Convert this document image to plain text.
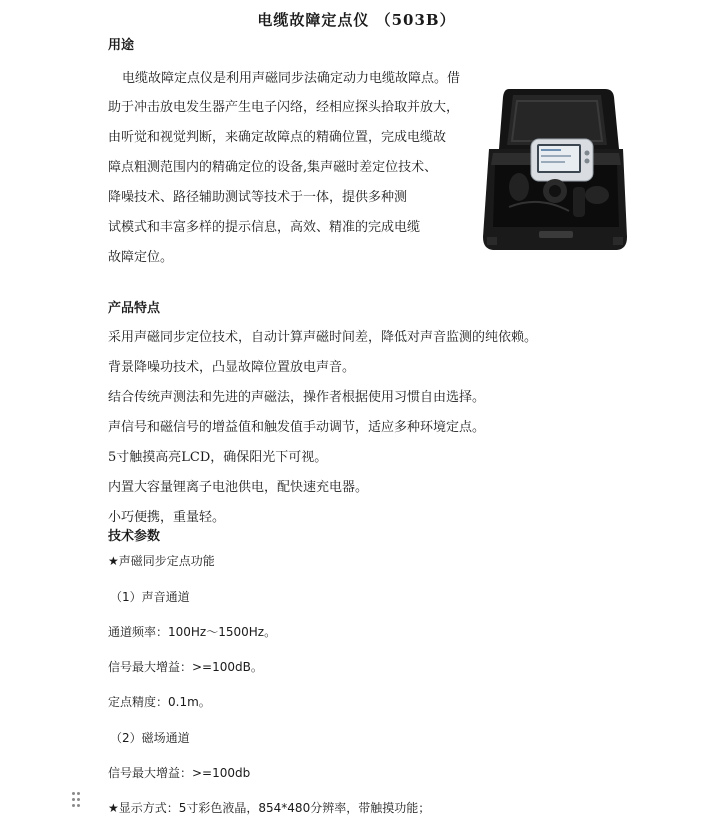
电缆故障定点仪 （503B）
用途
电缆故障定点仪是利用声磁同步法确定动力电缆故障点。借
助于冲击放电发生器产生电子闪络，经相应探头拾取并放大，
由听觉和视觉判断，来确定故障点的精确位置，完成电缆故
障点粗测范围内的精确定位的设备,集声磁时差定位技术、
降噪技术、路径辅助测试等技术于一体，提供多种测
试模式和丰富多样的提示信息，高效、精准的完成电缆
故障定位。
产品特点
采用声磁同步定位技术，自动计算声磁时间差，降低对声音监测的纯依赖。
背景降噪功技术，凸显故障位置放电声音。
结合传统声测法和先进的声磁法，操作者根据使用习惯自由选择。
声信号和磁信号的增益值和触发值手动调节，适应多种环境定点。
5寸触摸高亮LCD，确保阳光下可视。
内置大容量锂离子电池供电，配快速充电器。
小巧便携，重量轻。
技术参数
★声磁同步定点功能
（1）声音通道
通道频率：100Hz～1500Hz。
信号最大增益：>=100dB。
定点精度：0.1m。
（2）磁场通道
信号最大增益：>=100db
★显示方式：5寸彩色液晶，854*480分辨率，带触摸功能；
